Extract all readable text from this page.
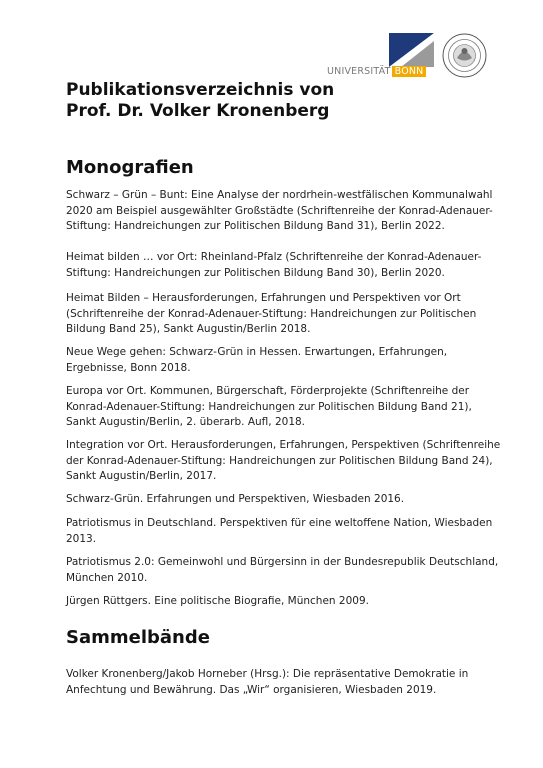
UNIVERSITÄT BONN
Publikationsverzeichnis von
Prof. Dr. Volker Kronenberg
Monografien
Schwarz – Grün – Bunt: Eine Analyse der nordrhein-westfälischen Kommunalwahl
2020 am Beispiel ausgewählter Großstädte (Schriftenreihe der Konrad-Adenauer-
Stiftung: Handreichungen zur Politischen Bildung Band 31), Berlin 2022.
Heimat bilden … vor Ort: Rheinland-Pfalz (Schriftenreihe der Konrad-Adenauer-
Stiftung: Handreichungen zur Politischen Bildung Band 30), Berlin 2020.
Heimat Bilden – Herausforderungen, Erfahrungen und Perspektiven vor Ort
(Schriftenreihe der Konrad-Adenauer-Stiftung: Handreichungen zur Politischen
Bildung Band 25), Sankt Augustin/Berlin 2018.
Neue Wege gehen: Schwarz-Grün in Hessen. Erwartungen, Erfahrungen,
Ergebnisse, Bonn 2018.
Europa vor Ort. Kommunen, Bürgerschaft, Förderprojekte (Schriftenreihe der
Konrad-Adenauer-Stiftung: Handreichungen zur Politischen Bildung Band 21),
Sankt Augustin/Berlin, 2. überarb. Aufl, 2018.
Integration vor Ort. Herausforderungen, Erfahrungen, Perspektiven (Schriftenreihe
der Konrad-Adenauer-Stiftung: Handreichungen zur Politischen Bildung Band 24),
Sankt Augustin/Berlin, 2017.
Schwarz-Grün. Erfahrungen und Perspektiven, Wiesbaden 2016.
Patriotismus in Deutschland. Perspektiven für eine weltoffene Nation, Wiesbaden
2013.
Patriotismus 2.0: Gemeinwohl und Bürgersinn in der Bundesrepublik Deutschland,
München 2010.
Jürgen Rüttgers. Eine politische Biografie, München 2009.
Sammelbände
Volker Kronenberg/Jakob Horneber (Hrsg.): Die repräsentative Demokratie in
Anfechtung und Bewährung. Das „Wir“ organisieren, Wiesbaden 2019.
